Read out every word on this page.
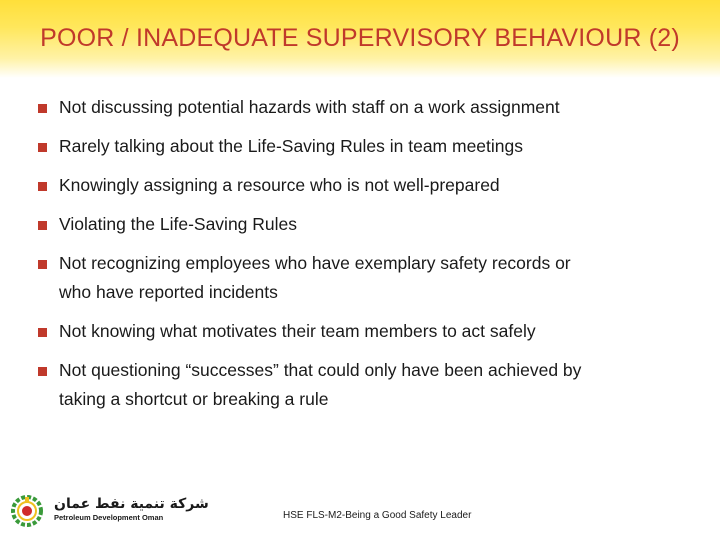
POOR / INADEQUATE SUPERVISORY BEHAVIOUR (2)
Not discussing potential hazards with staff on a work assignment
Rarely talking about the Life-Saving Rules in team meetings
Knowingly assigning a resource who is not well-prepared
Violating the Life-Saving Rules
Not recognizing employees who have exemplary safety records or
who have reported incidents
Not knowing what motivates their team members to act safely
Not questioning “successes” that could only have been achieved by
taking a shortcut or breaking a rule
شركة تنمية نفط عمان
Petroleum Development Oman	HSE FLS-M2-Being a Good Safety Leader
